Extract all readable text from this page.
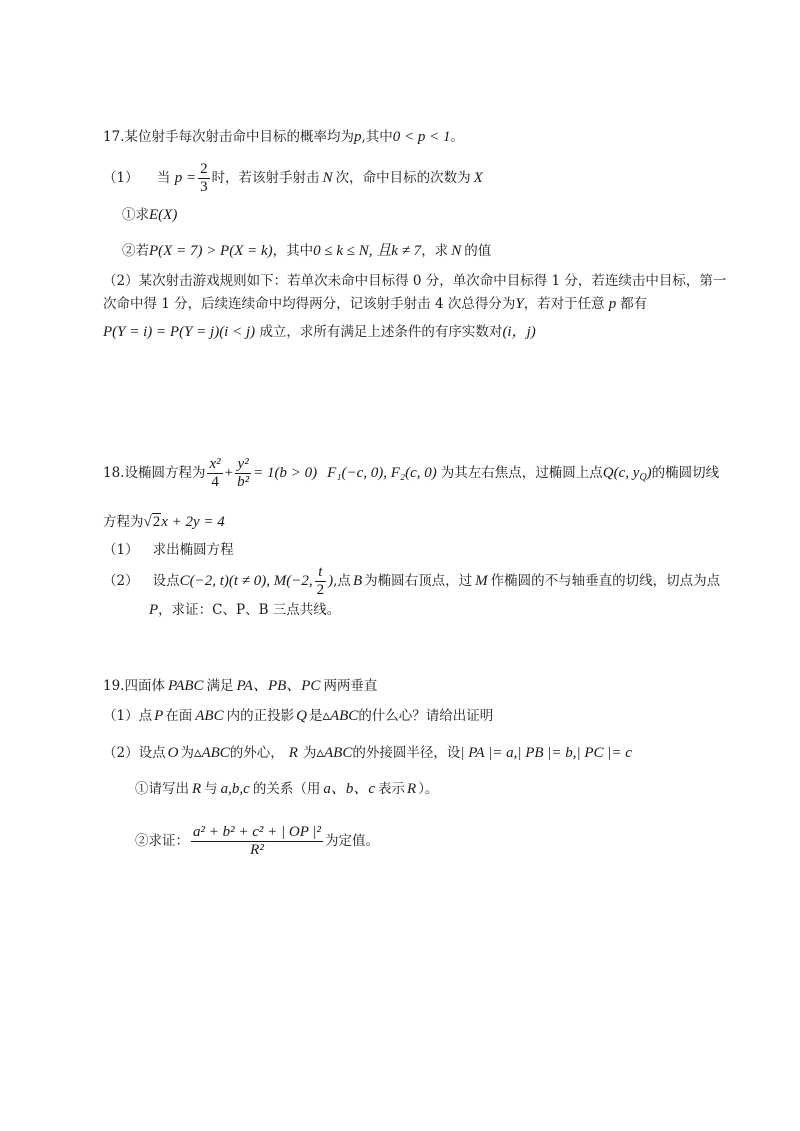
17.某位射手每次射击命中目标的概率均为p,其中0 < p < 1。
（1） 当 $p = \frac{2}{3}$ 时，若该射手射击 N 次，命中目标的次数为 X
①求E(X)
②若P(X = 7) > P(X = k)，其中0 ≤ k ≤ N, 且k ≠ 7，求 N 的值
（2）某次射击游戏规则如下：若单次未命中目标得 0 分，单次命中目标得 1 分，若连续击中目标，第一
次命中得 1 分，后续连续命中均得两分，记该射手射击 4 次总得分为Y，若对于任意 p 都有
P(Y = i) = P(Y = j)(i < j) 成立，求所有满足上述条件的有序实数对(i，j)
18.设椭圆方程为 $\frac{\text{x²}}{4} + \frac{\text{y²}}{\text{b²}} = 1(b > 0)$ F₁(−c, 0), F₂(c, 0) 为其左右焦点，过椭圆上点Q(c, $y_Q$)的椭圆切线
方程为√2x + 2y = 4
（1） 求出椭圆方程
（2） 设点C(−2, t)(t ≠ 0), M(−2, $\frac{t}{2}$ ),点 B 为椭圆右顶点，过 M 作椭圆的不与轴垂直的切线，切点为点
P，求证：C、P、B 三点共线。
19.四面体 PABC 满足 PA、PB、PC 两两垂直
（1）点 P 在面 ABC 内的正投影 Q 是▵ABC的什么心？请给出证明
（2）设点 O 为▵ABC的外心， R 为▵ABC的外接圆半径，设| PA |= a,| PB |= b,| PC |= c
①请写出 R 与 a,b,c 的关系（用 a、b、c 表示 R ）。
②求证： $\frac{\text{a² + b² + c² + | OP |²}}{\text{R²}}$ 为定值。
